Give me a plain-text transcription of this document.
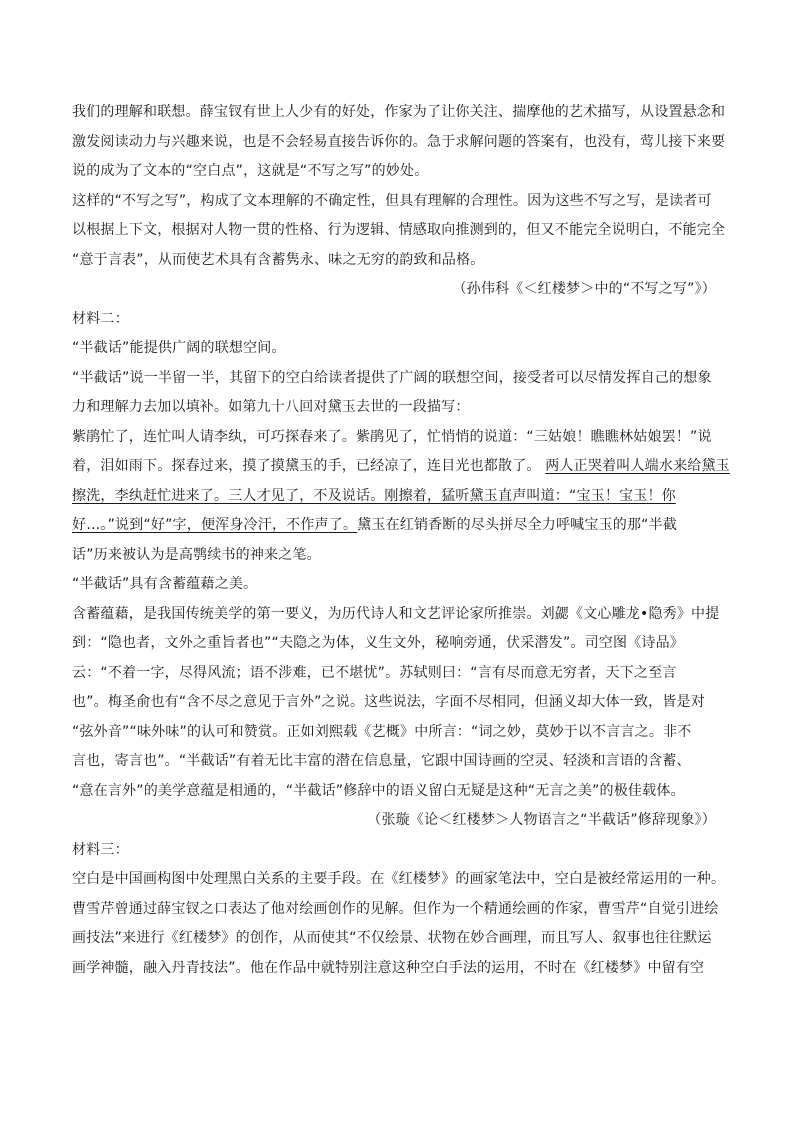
我们的理解和联想。薛宝钗有世上人少有的好处，作家为了让你关注、揣摩他的艺术描写，从设置悬念和
激发阅读动力与兴趣来说，也是不会轻易直接告诉你的。急于求解问题的答案有，也没有，莺儿接下来要
说的成为了文本的“空白点”，这就是“不写之写”的妙处。
这样的“不写之写”，构成了文本理解的不确定性，但具有理解的合理性。因为这些不写之写，是读者可
以根据上下文，根据对人物一贯的性格、行为逻辑、情感取向推测到的，但又不能完全说明白，不能完全
“意于言表”，从而使艺术具有含蓄隽永、味之无穷的韵致和品格。
（孙伟科《＜红楼梦＞中的“不写之写”》）
材料二：
“半截话”能提供广阔的联想空间。
“半截话”说一半留一半，其留下的空白给读者提供了广阔的联想空间，接受者可以尽情发挥自己的想象
力和理解力去加以填补。如第九十八回对黛玉去世的一段描写：
紫鹃忙了，连忙叫人请李纨，可巧探春来了。紫鹃见了，忙悄悄的说道：“三姑娘！瞧瞧林姑娘罢！”说
着，泪如雨下。探春过来，摸了摸黛玉的手，已经凉了，连目光也都散了。 两人正哭着叫人端水来给黛玉
擦洗，李纨赶忙进来了。三人才见了，不及说话。刚擦着，猛听黛玉直声叫道：“宝玉！宝玉！你
好…。”说到“好”字，便浑身冷汗，不作声了。黛玉在红销香断的尽头拼尽全力呼喊宝玉的那“半截
话”历来被认为是高鹗续书的神来之笔。
“半截话”具有含蓄蕴藉之美。
含蓄蕴藉，是我国传统美学的第一要义，为历代诗人和文艺评论家所推崇。刘勰《文心雕龙•隐秀》中提
到：“隐也者，文外之重旨者也”“夫隐之为体，义生文外，秘响旁通，伏采潜发”。司空图《诗品》
云：“不着一字，尽得风流；语不涉难，已不堪忧”。苏轼则曰：“言有尽而意无穷者，天下之至言
也”。梅圣俞也有“含不尽之意见于言外”之说。这些说法，字面不尽相同，但涵义却大体一致，皆是对
“弦外音”“味外味”的认可和赞赏。正如刘熙载《艺概》中所言：“词之妙，莫妙于以不言言之。非不
言也，寄言也”。“半截话”有着无比丰富的潜在信息量，它跟中国诗画的空灵、轻淡和言语的含蓄、
“意在言外”的美学意蕴是相通的，“半截话”修辞中的语义留白无疑是这种“无言之美”的极佳载体。
（张璇《论＜红楼梦＞人物语言之“半截话”修辞现象》）
材料三：
空白是中国画构图中处理黑白关系的主要手段。在《红楼梦》的画家笔法中，空白是被经常运用的一种。
曹雪芹曾通过薛宝钗之口表达了他对绘画创作的见解。但作为一个精通绘画的作家，曹雪芹“自觉引进绘
画技法”来进行《红楼梦》的创作，从而使其“不仅绘景、状物在妙合画理，而且写人、叙事也往往默运
画学神髓，融入丹青技法”。他在作品中就特别注意这种空白手法的运用，不时在《红楼梦》中留有空
